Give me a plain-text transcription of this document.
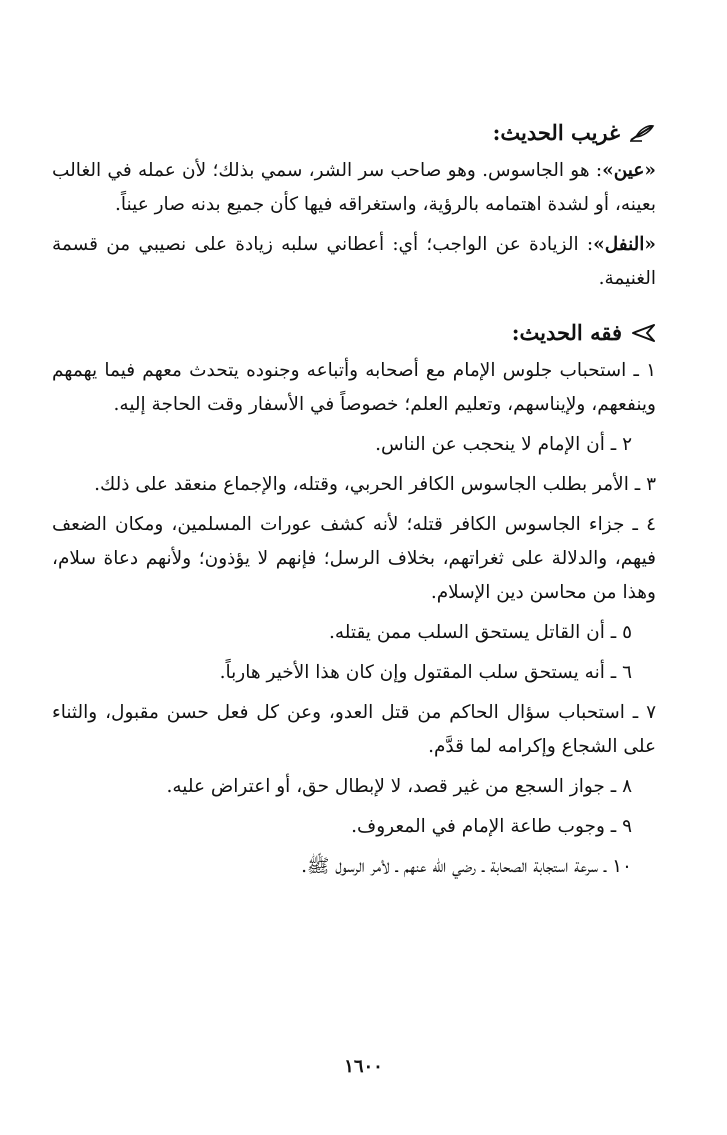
غريب الحديث:

«عين»: هو الجاسوس. وهو صاحب سر الشر، سمي بذلك؛ لأن عمله في الغالب بعينه، أو لشدة اهتمامه بالرؤية، واستغراقه فيها كأن جميع بدنه صار عيناً.

«النفل»: الزيادة عن الواجب؛ أي: أعطاني سلبه زيادة على نصيبي من قسمة الغنيمة.

فقه الحديث:

١ ـ استحباب جلوس الإمام مع أصحابه وأتباعه وجنوده يتحدث معهم فيما يهمهم وينفعهم، ولإيناسهم، وتعليم العلم؛ خصوصاً في الأسفار وقت الحاجة إليه.

٢ ـ أن الإمام لا ينحجب عن الناس.

٣ ـ الأمر بطلب الجاسوس الكافر الحربي، وقتله، والإجماع منعقد على ذلك.

٤ ـ جزاء الجاسوس الكافر قتله؛ لأنه كشف عورات المسلمين، ومكان الضعف فيهم، والدلالة على ثغراتهم، بخلاف الرسل؛ فإنهم لا يؤذون؛ ولأنهم دعاة سلام، وهذا من محاسن دين الإسلام.

٥ ـ أن القاتل يستحق السلب ممن يقتله.

٦ ـ أنه يستحق سلب المقتول وإن كان هذا الأخير هارباً.

٧ ـ استحباب سؤال الحاكم من قتل العدو، وعن كل فعل حسن مقبول، والثناء على الشجاع وإكرامه لما قدَّم.

٨ ـ جواز السجع من غير قصد، لا لإبطال حق، أو اعتراض عليه.

٩ ـ وجوب طاعة الإمام في المعروف.

١٠ ـ سرعة استجابة الصحابة ـ رضي الله عنهم ـ لأمر الرسول ﷺ.

١٦٠٠
